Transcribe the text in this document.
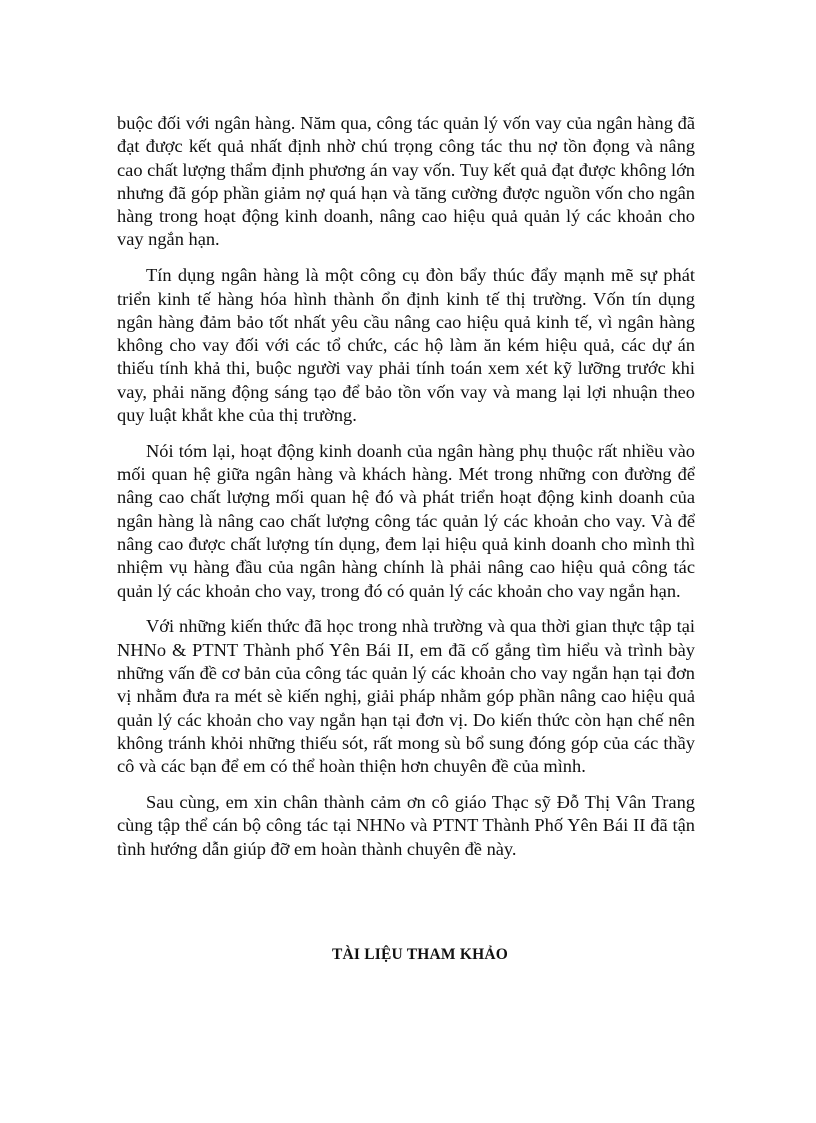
buộc đối với ngân hàng. Năm qua, công tác quản lý vốn vay của ngân hàng đã đạt được kết quả nhất định nhờ chú trọng công tác thu nợ tồn đọng và nâng cao chất lượng thẩm định phương án vay vốn. Tuy kết quả đạt được không lớn nhưng đã góp phần giảm nợ quá hạn và tăng cường được nguồn vốn cho ngân hàng trong hoạt động kinh doanh, nâng cao hiệu quả quản lý các khoản cho vay ngắn hạn.

Tín dụng ngân hàng là một công cụ đòn bẩy thúc đẩy mạnh mẽ sự phát triển kinh tế hàng hóa hình thành ổn định kinh tế thị trường. Vốn tín dụng ngân hàng đảm bảo tốt nhất yêu cầu nâng cao hiệu quả kinh tế, vì ngân hàng không cho vay đối với các tổ chức, các hộ làm ăn kém hiệu quả, các dự án thiếu tính khả thi, buộc người vay phải tính toán xem xét kỹ lưỡng trước khi vay, phải năng động sáng tạo để bảo tồn vốn vay và mang lại lợi nhuận theo quy luật khắt khe của thị trường.

Nói tóm lại, hoạt động kinh doanh của ngân hàng phụ thuộc rất nhiều vào mối quan hệ giữa ngân hàng và khách hàng. Mét trong những con đường để nâng cao chất lượng mối quan hệ đó và phát triển hoạt động kinh doanh của ngân hàng là nâng cao chất lượng công tác quản lý các khoản cho vay. Và để nâng cao được chất lượng tín dụng, đem lại hiệu quả kinh doanh cho mình thì nhiệm vụ hàng đầu của ngân hàng chính là phải nâng cao hiệu quả công tác quản lý các khoản cho vay, trong đó có quản lý các khoản cho vay ngắn hạn.

Với những kiến thức đã học trong nhà trường và qua thời gian thực tập tại NHNo & PTNT Thành phố Yên Bái II, em đã cố gắng tìm hiểu và trình bày những vấn đề cơ bản của công tác quản lý các khoản cho vay ngắn hạn tại đơn vị nhằm đưa ra mét sè kiến nghị, giải pháp nhằm góp phần nâng cao hiệu quả quản lý các khoản cho vay ngắn hạn tại đơn vị. Do kiến thức còn hạn chế nên không tránh khỏi những thiếu sót, rất mong sù bổ sung đóng góp của các thầy cô và các bạn để em có thể hoàn thiện hơn chuyên đề của mình.

Sau cùng, em xin chân thành cảm ơn cô giáo Thạc sỹ Đỗ Thị Vân Trang cùng tập thể cán bộ công tác tại NHNo và PTNT Thành Phố Yên Bái II đã tận tình hướng dẫn giúp đỡ em hoàn thành chuyên đề này.

TÀI LIỆU THAM KHẢO
